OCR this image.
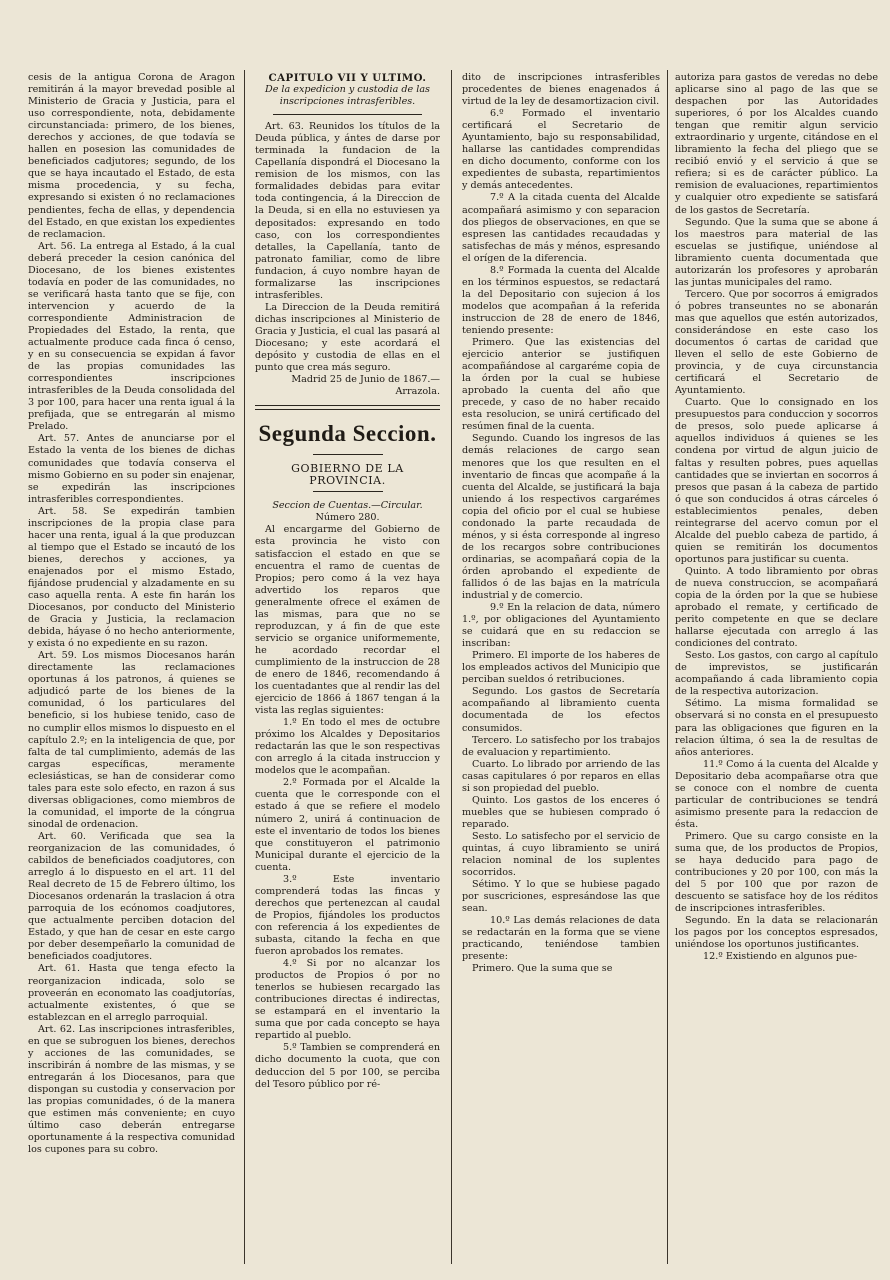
cesis de la antigua Corona de Aragon remitirán á la mayor brevedad posible al Ministerio de Gracia y Justicia, para el uso correspondiente, nota, debidamente circunstanciada: primero, de los bienes, derechos y acciones, de que todavía se hallen en posesion las comunidades de beneficiados cadjutores; segundo, de los que se haya incautado el Estado, de esta misma procedencia, y su fecha, expresando si existen ó no reclamaciones pendientes, fecha de ellas, y dependencia del Estado, en que existan los expedientes de reclamacion.

Art. 56. La entrega al Estado, á la cual deberá preceder la cesion canónica del Diocesano, de los bienes existentes todavía en poder de las comunidades, no se verificará hasta tanto que se fije, con intervencion y acuerdo de la correspondiente Administracion de Propiedades del Estado, la renta, que actualmente produce cada finca ó censo, y en su consecuencia se expidan á favor de las propias comunidades las correspondientes inscripciones intrasferibles de la Deuda consolidada del 3 por 100, para hacer una renta igual á la prefijada, que se entregarán al mismo Prelado.

Art. 57. Antes de anunciarse por el Estado la venta de los bienes de dichas comunidades que todavía conserva el mismo Gobierno en su poder sin enajenar, se expedirán las inscripciones intrasferibles correspondientes.

Art. 58. Se expedirán tambien inscripciones de la propia clase para hacer una renta, igual á la que produzcan al tiempo que el Estado se incautó de los bienes, derechos y acciones, ya enajenados por el mismo Estado, fijándose prudencial y alzadamente en su caso aquella renta. A este fin harán los Diocesanos, por conducto del Ministerio de Gracia y Justicia, la reclamacion debida, háyase ó no hecho anteriormente, y exista ó no expediente en su razon.

Art. 59. Los mismos Diocesanos harán directamente las reclamaciones oportunas á los patronos, á quienes se adjudicó parte de los bienes de la comunidad, ó los particulares del beneficio, si los hubiese tenido, caso de no cumplir ellos mismos lo dispuesto en el capítulo 2.º; en la inteligencia de que, por falta de tal cumplimiento, además de las cargas específicas, meramente eclesiásticas, se han de considerar como tales para este solo efecto, en razon á sus diversas obligaciones, como miembros de la comunidad, el importe de la cóngrua sinodal de ordenacion.

Art. 60. Verificada que sea la reorganizacion de las comunidades, ó cabildos de beneficiados coadjutores, con arreglo á lo dispuesto en el art. 11 del Real decreto de 15 de Febrero último, los Diocesanos ordenarán la traslacion á otra parroquia de los ecónomos coadjutores, que actualmente perciben dotacion del Estado, y que han de cesar en este cargo por deber desempeñarlo la comunidad de beneficiados coadjutores.

Art. 61. Hasta que tenga efecto la reorganizacion indicada, solo se proveerán en economato las coadjutorías, actualmente existentes, ó que se establezcan en el arreglo parroquial.

Art. 62. Las inscripciones intrasferibles, en que se subroguen los bienes, derechos y acciones de las comunidades, se inscribirán á nombre de las mismas, y se entregarán á los Diocesanos, para que dispongan su custodia y conservacion por las propias comunidades, ó de la manera que estimen más conveniente; en cuyo último caso deberán entregarse oportunamente á la respectiva comunidad los cupones para su cobro.

CAPITULO VII Y ULTIMO.

De la expedicion y custodia de las inscripciones intrasferibles.

Art. 63. Reunidos los títulos de la Deuda pública, y ántes de darse por terminada la fundacion de la Capellanía dispondrá el Diocesano la remision de los mismos, con las formalidades debidas para evitar toda contingencia, á la Direccion de la Deuda, si en ella no estuviesen ya depositados: expresando en todo caso, con los correspondientes detalles, la Capellanía, tanto de patronato familiar, como de libre fundacion, á cuyo nombre hayan de formalizarse las inscripciones intrasferibles.

La Direccion de la Deuda remitirá dichas inscripciones al Ministerio de Gracia y Justicia, el cual las pasará al Diocesano; y este acordará el depósito y custodia de ellas en el punto que crea más seguro.

Madrid 25 de Junio de 1867.—Arrazola.

Segunda Seccion.

GOBIERNO DE LA PROVINCIA.

Seccion de Cuentas.—Circular.

Número 280.

Al encargarme del Gobierno de esta provincia he visto con satisfaccion el estado en que se encuentra el ramo de cuentas de Propios; pero como á la vez haya advertido los reparos que generalmente ofrece el exámen de las mismas, para que no se reproduzcan, y á fin de que este servicio se organice uniformemente, he acordado recordar el cumplimiento de la instruccion de 28 de enero de 1846, recomendando á los cuentadantes que al rendir las del ejercicio de 1866 á 1867 tengan á la vista las reglas siguientes:

1.º En todo el mes de octubre próximo los Alcaldes y Depositarios redactarán las que le son respectivas con arreglo á la citada instruccion y modelos que le acompañan.

2.º Formada por el Alcalde la cuenta que le corresponde con el estado á que se refiere el modelo número 2, unirá á continuacion de este el inventario de todos los bienes que constituyeron el patrimonio Municipal durante el ejercicio de la cuenta.

3.º Este inventario comprenderá todas las fincas y derechos que pertenezcan al caudal de Propios, fijándoles los productos con referencia á los expedientes de subasta, citando la fecha en que fueron aprobados los remates.

4.º Si por no alcanzar los productos de Propios ó por no tenerlos se hubiesen recargado las contribuciones directas é indirectas, se estampará en el inventario la suma que por cada concepto se haya repartido al pueblo.

5.º Tambien se comprenderá en dicho documento la cuota, que con deduccion del 5 por 100, se perciba del Tesoro público por ré-

dito de inscripciones intrasferibles procedentes de bienes enagenados á virtud de la ley de desamortizacion civil.

6.º Formado el inventario certificará el Secretario de Ayuntamiento, bajo su responsabilidad, hallarse las cantidades comprendidas en dicho documento, conforme con los expedientes de subasta, repartimientos y demás antecedentes.

7.º A la citada cuenta del Alcalde acompañará asimismo y con separacion dos pliegos de observaciones, en que se espresen las cantidades recaudadas y satisfechas de más y ménos, espresando el orígen de la diferencia.

8.º Formada la cuenta del Alcalde en los términos espuestos, se redactará la del Depositario con sujecion á los modelos que acompañan á la referida instruccion de 28 de enero de 1846, teniendo presente:

Primero. Que las existencias del ejercicio anterior se justifiquen acompañándose al cargaréme copia de la órden por la cual se hubiese aprobado la cuenta del año que precede, y caso de no haber recaido esta resolucion, se unirá certificado del resúmen final de la cuenta.

Segundo. Cuando los ingresos de las demás relaciones de cargo sean menores que los que resulten en el inventario de fincas que acompañe á la cuenta del Alcalde, se justificará la baja uniendo á los respectivos cargarémes copia del oficio por el cual se hubiese condonado la parte recaudada de ménos, y si ésta corresponde al ingreso de los recargos sobre contribuciones ordinarias, se acompañará copia de la órden aprobando el expediente de fallidos ó de las bajas en la matrícula industrial y de comercio.

9.º En la relacion de data, número 1.º, por obligaciones del Ayuntamiento se cuidará que en su redaccion se inscriban:

Primero. El importe de los haberes de los empleados activos del Municipio que perciban sueldos ó retribuciones.

Segundo. Los gastos de Secretaría acompañando al libramiento cuenta documentada de los efectos consumidos.

Tercero. Lo satisfecho por los trabajos de evaluacion y repartimiento.

Cuarto. Lo librado por arriendo de las casas capitulares ó por reparos en ellas si son propiedad del pueblo.

Quinto. Los gastos de los enceres ó muebles que se hubiesen comprado ó reparado.

Sesto. Lo satisfecho por el servicio de quintas, á cuyo libramiento se unirá relacion nominal de los suplentes socorridos.

Sétimo. Y lo que se hubiese pagado por suscriciones, espresándose las que sean.

10.º Las demás relaciones de data se redactarán en la forma que se viene practicando, teniéndose tambien presente:

Primero. Que la suma que se

autoriza para gastos de veredas no debe aplicarse sino al pago de las que se despachen por las Autoridades superiores, ó por los Alcaldes cuando tengan que remitir algun servicio extraordinario y urgente, citándose en el libramiento la fecha del pliego que se recibió envió y el servicio á que se refiera; si es de carácter público. La remision de evaluaciones, repartimientos y cualquier otro expediente se satisfará de los gastos de Secretaría.

Segundo. Que la suma que se abone á los maestros para material de las escuelas se justifique, uniéndose al libramiento cuenta documentada que autorizarán los profesores y aprobarán las juntas municipales del ramo.

Tercero. Que por socorros á emigrados ó pobres transeuntes no se abonarán mas que aquellos que estén autorizados, considerándose en este caso los documentos ó cartas de caridad que lleven el sello de este Gobierno de provincia, y de cuya circunstancia certificará el Secretario de Ayuntamiento.

Cuarto. Que lo consignado en los presupuestos para conduccion y socorros de presos, solo puede aplicarse á aquellos individuos á quienes se les condena por virtud de algun juicio de faltas y resulten pobres, pues aquellas cantidades que se inviertan en socorros á presos que pasan á la cabeza de partido ó que son conducidos á otras cárceles ó establecimientos penales, deben reintegrarse del acervo comun por el Alcalde del pueblo cabeza de partido, á quien se remitirán los documentos oportunos para justificar su cuenta.

Quinto. A todo libramiento por obras de nueva construccion, se acompañará copia de la órden por la que se hubiese aprobado el remate, y certificado de perito competente en que se declare hallarse ejecutada con arreglo á las condiciones del contrato.

Sesto. Los gastos, con cargo al capítulo de imprevistos, se justificarán acompañando á cada libramiento copia de la respectiva autorizacion.

Sétimo. La misma formalidad se observará si no consta en el presupuesto para las obligaciones que figuren en la relacion última, ó sea la de resultas de años anteriores.

11.º Como á la cuenta del Alcalde y Depositario deba acompañarse otra que se conoce con el nombre de cuenta particular de contribuciones se tendrá asimismo presente para la redaccion de ésta.

Primero. Que su cargo consiste en la suma que, de los productos de Propios, se haya deducido para pago de contribuciones y 20 por 100, con más la del 5 por 100 que por razon de descuento se satisface hoy de los réditos de inscripciones intrasferibles.

Segundo. En la data se relacionarán los pagos por los conceptos espresados, uniéndose los oportunos justificantes.

12.º Existiendo en algunos pue-
